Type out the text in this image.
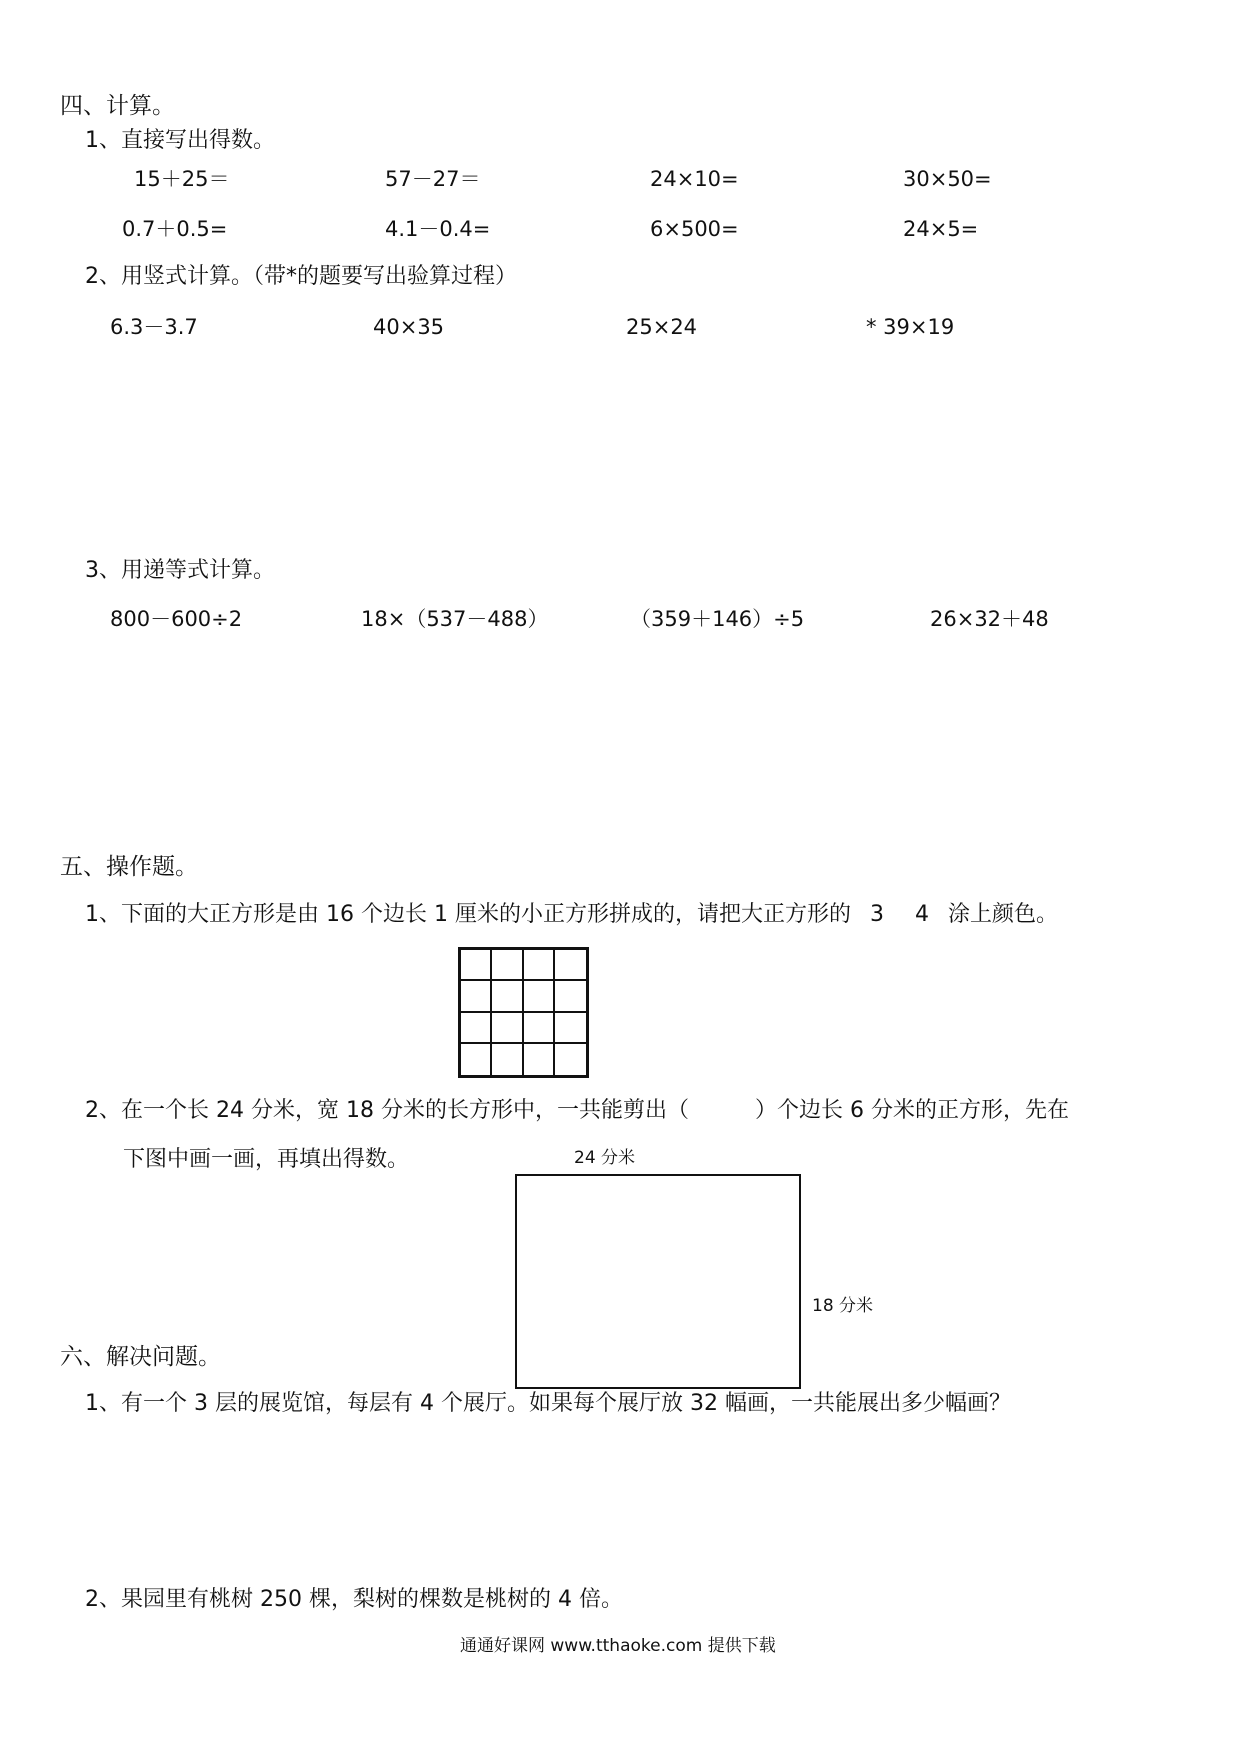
四、计算。
1、直接写出得数。
15＋25＝	57－27＝	24×10=	30×50=
0.7＋0.5=	4.1－0.4=	6×500=	24×5=
2、用竖式计算。（带*的题要写出验算过程）
6.3－3.7	40×35	25×24	* 39×19
3、用递等式计算。
800－600÷2	18×（537－488）	（359＋146）÷5	26×32＋48
五、操作题。
1、下面的大正方形是由 16 个边长 1 厘米的小正方形拼成的，请把大正方形的 3 4 涂上颜色。
2、在一个长 24 分米，宽 18 分米的长方形中，一共能剪出（　　　）个边长 6 分米的正方形，先在
下图中画一画，再填出得数。	24 分米
18 分米
六、解决问题。
1、有一个 3 层的展览馆，每层有 4 个展厅。如果每个展厅放 32 幅画，一共能展出多少幅画？
2、果园里有桃树 250 棵，梨树的棵数是桃树的 4 倍。
通通好课网 www.tthaoke.com 提供下载
